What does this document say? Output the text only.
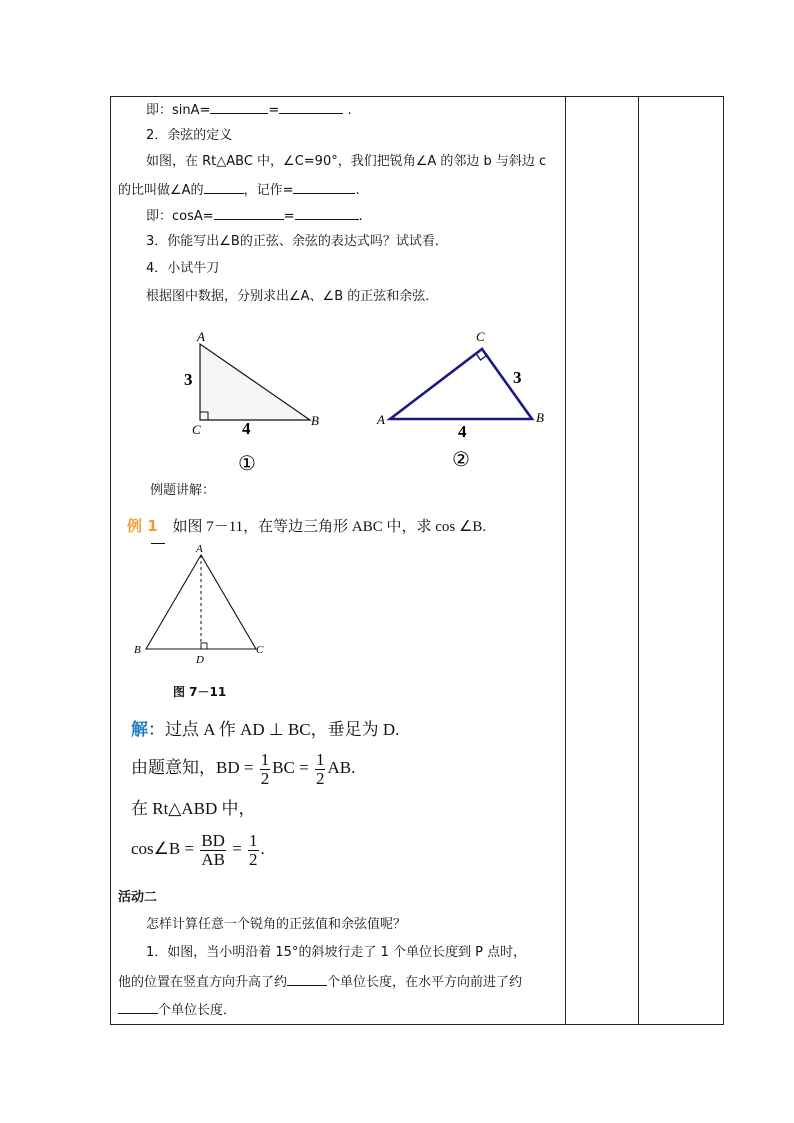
即：sinA=	=	.
2．余弦的定义
如图，在 Rt△ABC 中，∠C=90°，我们把锐角∠A 的邻边 b 与斜边 c
的比叫做∠A的	，记作=	.
即：cosA=	=	.
3．你能写出∠B的正弦、余弦的表达式吗？试试看．
4．小试牛刀
根据图中数据，分别求出∠A、∠B 的正弦和余弦．
A
B
C
3
4
①
C
A	B
3
4
②
例题讲解：
例 1 如图 7－11，在等边三角形 ABC 中，求 cos ∠B.
A
B	C
D
图 7－11
解：过点 A 作 AD ⊥ BC，垂足为 D.
由题意知，BD = $\frac{1}{2}$ BC = $\frac{1}{2}$ AB.
在 Rt△ABD 中，
cos∠B = $\frac{BD}{AB} = \frac{1}{2}$ .
活动二
怎样计算任意一个锐角的正弦值和余弦值呢？
1．如图，当小明沿着 15°的斜坡行走了 1 个单位长度到 P 点时，
他的位置在竖直方向升高了约	个单位长度，在水平方向前进了约
个单位长度．
